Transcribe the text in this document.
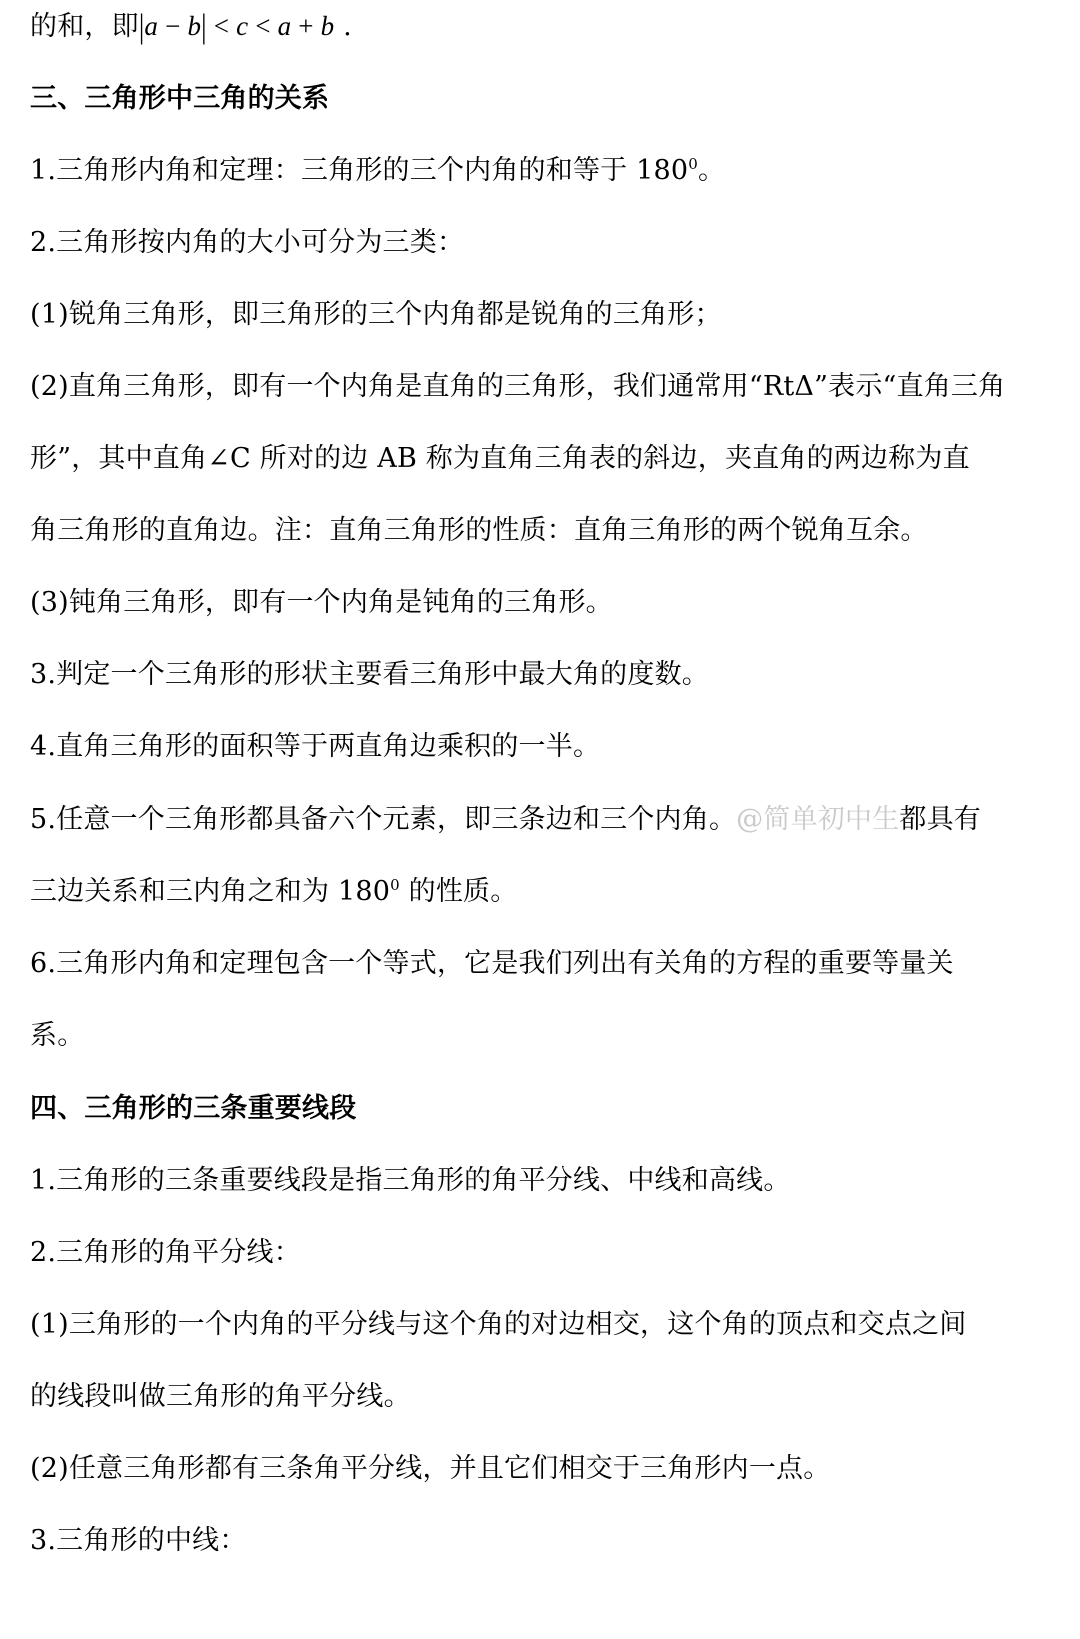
的和，即|a − b| < c < a + b .
三、三角形中三角的关系
1.三角形内角和定理：三角形的三个内角的和等于 $180^0$。
2.三角形按内角的大小可分为三类：
(1)锐角三角形，即三角形的三个内角都是锐角的三角形；
(2)直角三角形，即有一个内角是直角的三角形，我们通常用“RtΔ”表示“直角三角
形”，其中直角∠C 所对的边 AB 称为直角三角表的斜边，夹直角的两边称为直
角三角形的直角边。注：直角三角形的性质：直角三角形的两个锐角互余。
(3)钝角三角形，即有一个内角是钝角的三角形。
3.判定一个三角形的形状主要看三角形中最大角的度数。
4.直角三角形的面积等于两直角边乘积的一半。
5.任意一个三角形都具备六个元素，即三条边和三个内角。@简单初中生都具有
三边关系和三内角之和为 $180^0$ 的性质。
6.三角形内角和定理包含一个等式，它是我们列出有关角的方程的重要等量关
系。
四、三角形的三条重要线段
1.三角形的三条重要线段是指三角形的角平分线、中线和高线。
2.三角形的角平分线：
(1)三角形的一个内角的平分线与这个角的对边相交，这个角的顶点和交点之间
的线段叫做三角形的角平分线。
(2)任意三角形都有三条角平分线，并且它们相交于三角形内一点。
3.三角形的中线：
